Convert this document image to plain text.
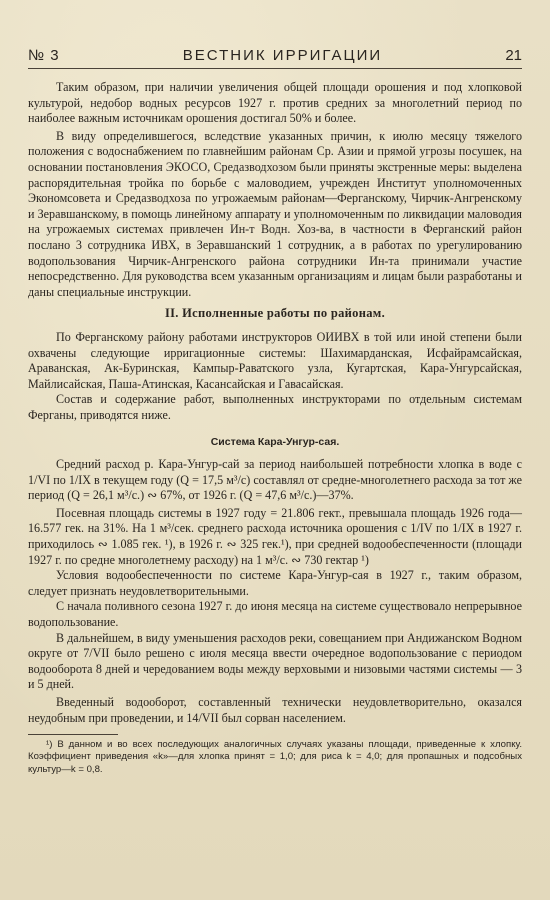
№ 3	ВЕСТНИК ИРРИГАЦИИ	21

Таким образом, при наличии увеличения общей площади орошения и под хлопковой культурой, недобор водных ресурсов 1927 г. против средних за многолетний период по наиболее важным источникам орошения достигал 50% и более.

В виду определившегося, вследствие указанных причин, к июлю месяцу тяжелого положения с водоснабжением по главнейшим районам Ср. Азии и прямой угрозы посушек, на основании постановления ЭКОСО, Средазводхозом были приняты экстренные меры: выделена распорядительная тройка по борьбе с маловодием, учрежден Институт уполномоченных Экономсовета и Средазводхоза по угрожаемым районам—Ферганскому, Чирчик-Ангренскому и Зеравшанскому, в помощь линейному аппарату и уполномоченным по ликвидации маловодия на угрожаемых системах привлечен Ин-т Водн. Хоз-ва, в частности в Ферганский район послано 3 сотрудника ИВХ, в Зеравшанский 1 сотрудник, а в работах по урегулированию водопользования Чирчик-Ангренского района сотрудники Ин-та принимали участие непосредственно. Для руководства всем указанным организациям и лицам были разработаны и даны специальные инструкции.

II. Исполненные работы по районам.

По Ферганскому району работами инструкторов ОИИВХ в той или иной степени были охвачены следующие ирригационные системы: Шахимарданская, Исфайрамсайская, Араванская, Ак-Буринская, Кампыр-Раватского узла, Кугартская, Кара-Унгурсайская, Майлисайская, Паша-Атинская, Касансайская и Гавасайская.

Состав и содержание работ, выполненных инструкторами по отдельным системам Ферганы, приводятся ниже.

Система Кара-Унгур-сая.

Средний расход р. Кара-Унгур-сай за период наибольшей потребности хлопка в воде с 1/VI по 1/IX в текущем году (Q = 17,5 м³/с) составлял от средне-многолетнего расхода за тот же период (Q = 26,1 м³/с.) ∾ 67%, от 1926 г. (Q = 47,6 м³/с.)—37%.

Посевная площадь системы в 1927 году = 21.806 гект., превышала площадь 1926 года—16.577 гек. на 31%. На 1 м³/сек. среднего расхода источника орошения с 1/IV по 1/IX в 1927 г. приходилось ∾ 1.085 гек. ¹), в 1926 г. ∾ 325 гек.¹), при средней водообеспеченности (площади 1927 г. по средне многолетнему расходу) на 1 м³/с. ∾ 730 гектар ¹)

Условия водообеспеченности по системе Кара-Унгур-сая в 1927 г., таким образом, следует признать неудовлетворительными.

С начала поливного сезона 1927 г. до июня месяца на системе существовало непрерывное водопользование.

В дальнейшем, в виду уменьшения расходов реки, совещанием при Андижанском Водном округе от 7/VII было решено с июля месяца ввести очередное водопользование с периодом водооборота 8 дней и чередованием воды между верховыми и низовыми частями системы — 3 и 5 дней.

Введенный водооборот, составленный технически неудовлетворительно, оказался неудобным при проведении, и 14/VII был сорван населением.

¹) В данном и во всех последующих аналогичных случаях указаны площади, приведенные к хлопку. Коэффициент приведения «k»—для хлопка принят = 1,0; для риса k = 4,0; для пропашных и подсобных культур—k = 0,8.
